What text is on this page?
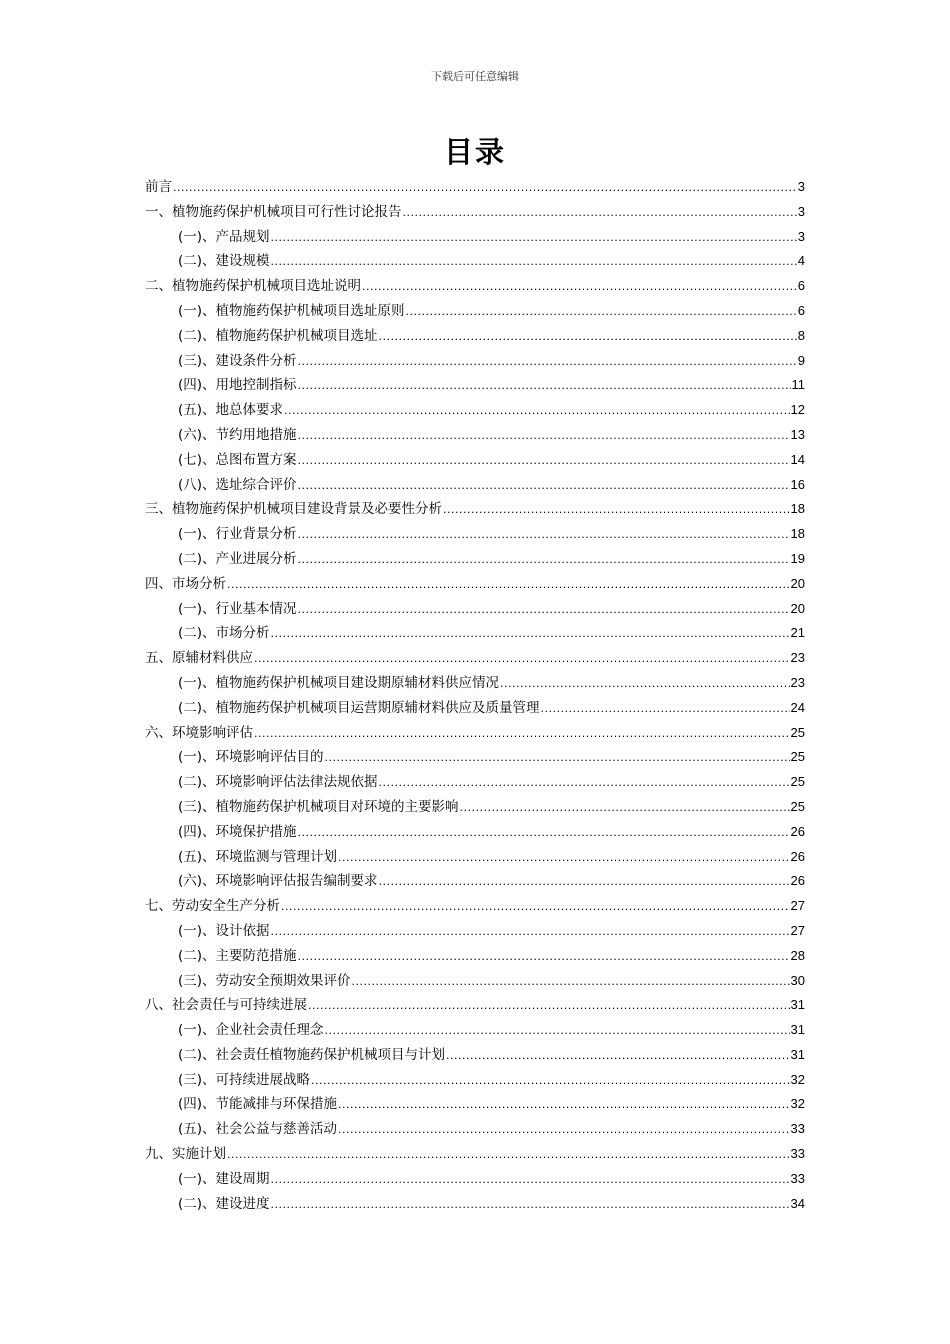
下载后可任意编辑
目录
前言 .....	3
一、植物施药保护机械项目可行性讨论报告 .....	3
(一)、产品规划 .....	3
(二)、建设规模 .....	4
二、植物施药保护机械项目选址说明 .....	6
(一)、植物施药保护机械项目选址原则 .....	6
(二)、植物施药保护机械项目选址 .....	8
(三)、建设条件分析 .....	9
(四)、用地控制指标 .....	11
(五)、地总体要求 .....	12
(六)、节约用地措施 .....	13
(七)、总图布置方案 .....	14
(八)、选址综合评价 .....	16
三、植物施药保护机械项目建设背景及必要性分析 .....	18
(一)、行业背景分析 .....	18
(二)、产业进展分析 .....	19
四、市场分析 .....	20
(一)、行业基本情况 .....	20
(二)、市场分析 .....	21
五、原辅材料供应 .....	23
(一)、植物施药保护机械项目建设期原辅材料供应情况 .....	23
(二)、植物施药保护机械项目运营期原辅材料供应及质量管理 .....	24
六、环境影响评估 .....	25
(一)、环境影响评估目的 .....	25
(二)、环境影响评估法律法规依据 .....	25
(三)、植物施药保护机械项目对环境的主要影响 .....	25
(四)、环境保护措施 .....	26
(五)、环境监测与管理计划 .....	26
(六)、环境影响评估报告编制要求 .....	26
七、劳动安全生产分析 .....	27
(一)、设计依据 .....	27
(二)、主要防范措施 .....	28
(三)、劳动安全预期效果评价 .....	30
八、社会责任与可持续进展 .....	31
(一)、企业社会责任理念 .....	31
(二)、社会责任植物施药保护机械项目与计划 .....	31
(三)、可持续进展战略 .....	32
(四)、节能减排与环保措施 .....	32
(五)、社会公益与慈善活动 .....	33
九、实施计划 .....	33
(一)、建设周期 .....	33
(二)、建设进度 .....	34
